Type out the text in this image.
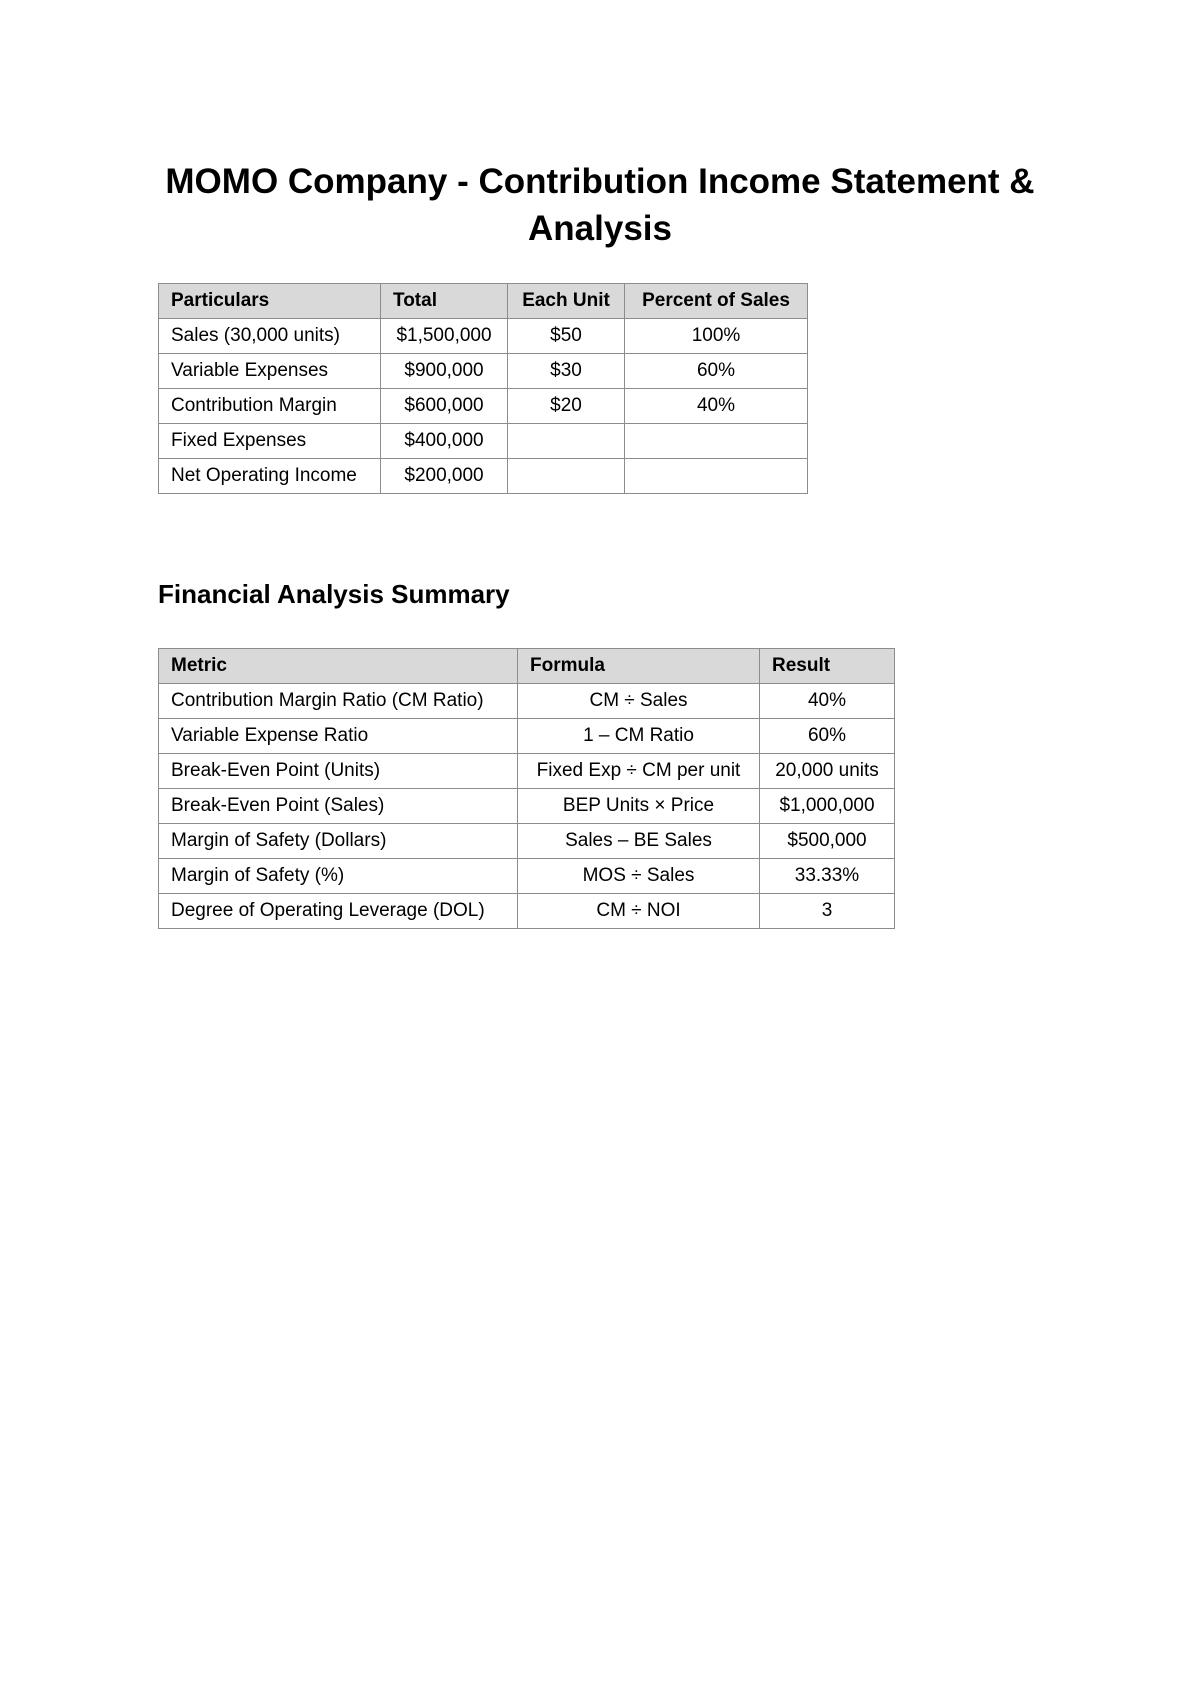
MOMO Company - Contribution Income Statement & Analysis
Particulars	Total	Each Unit	Percent of Sales
Sales (30,000 units)	$1,500,000	$50	100%
Variable Expenses	$900,000	$30	60%
Contribution Margin	$600,000	$20	40%
Fixed Expenses	$400,000		
Net Operating Income	$200,000		
Financial Analysis Summary
Metric	Formula	Result
Contribution Margin Ratio (CM Ratio)	CM ÷ Sales	40%
Variable Expense Ratio	1 – CM Ratio	60%
Break-Even Point (Units)	Fixed Exp ÷ CM per unit	20,000 units
Break-Even Point (Sales)	BEP Units × Price	$1,000,000
Margin of Safety (Dollars)	Sales – BE Sales	$500,000
Margin of Safety (%)	MOS ÷ Sales	33.33%
Degree of Operating Leverage (DOL)	CM ÷ NOI	3
